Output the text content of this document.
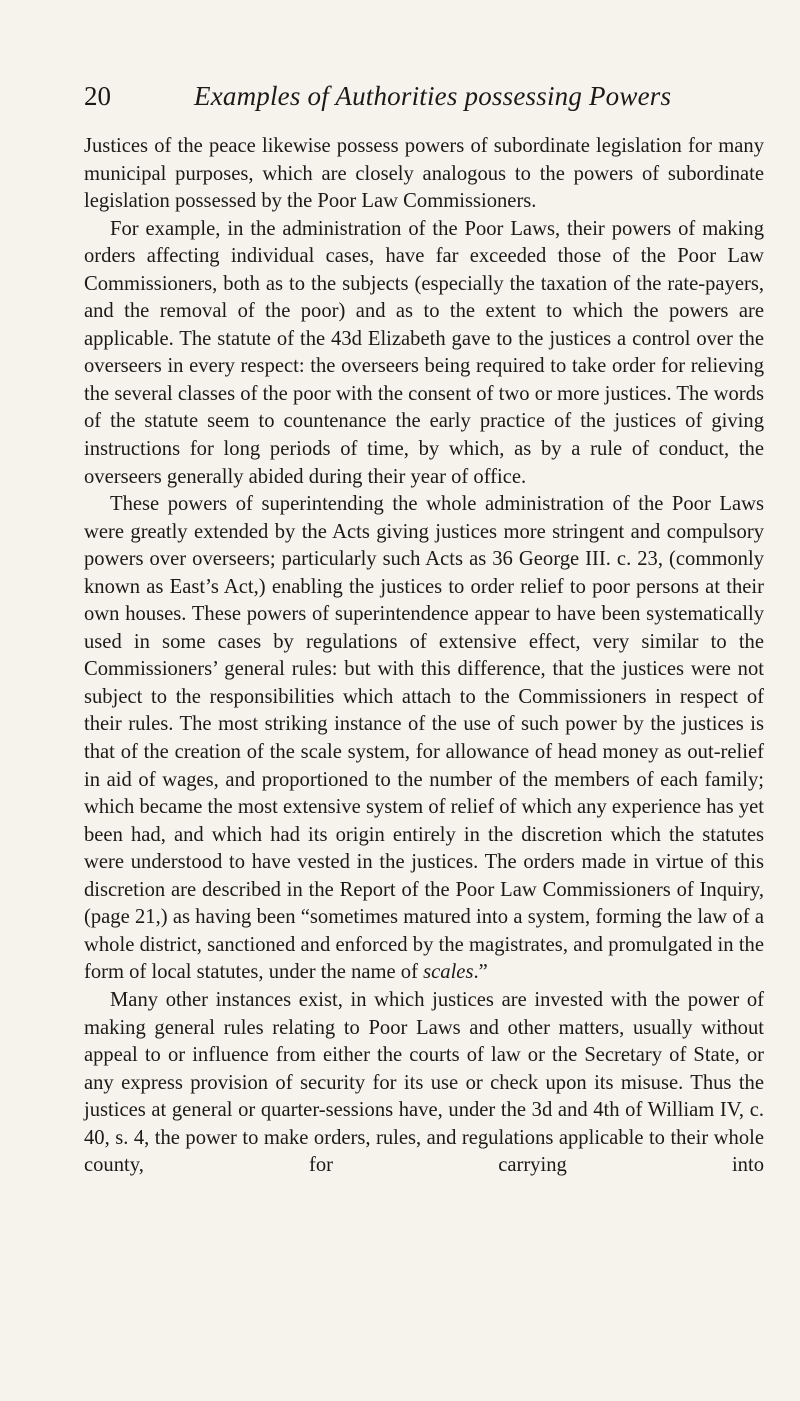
20	Examples of Authorities possessing Powers

Justices of the peace likewise possess powers of subordinate legislation for many municipal purposes, which are closely analogous to the powers of subordinate legislation possessed by the Poor Law Commissioners.

For example, in the administration of the Poor Laws, their powers of making orders affecting individual cases, have far exceeded those of the Poor Law Commissioners, both as to the subjects (especially the taxation of the rate-payers, and the removal of the poor) and as to the extent to which the powers are applicable. The statute of the 43d Elizabeth gave to the justices a control over the overseers in every respect: the overseers being required to take order for relieving the several classes of the poor with the consent of two or more justices. The words of the statute seem to countenance the early practice of the justices of giving instructions for long periods of time, by which, as by a rule of conduct, the overseers generally abided during their year of office.

These powers of superintending the whole administration of the Poor Laws were greatly extended by the Acts giving justices more stringent and compulsory powers over overseers; particularly such Acts as 36 George III. c. 23, (commonly known as East’s Act,) enabling the justices to order relief to poor persons at their own houses. These powers of superintendence appear to have been systematically used in some cases by regulations of extensive effect, very similar to the Commissioners’ general rules: but with this difference, that the justices were not subject to the responsibilities which attach to the Commissioners in respect of their rules. The most striking instance of the use of such power by the justices is that of the creation of the scale system, for allowance of head money as out-relief in aid of wages, and proportioned to the number of the members of each family; which became the most extensive system of relief of which any experience has yet been had, and which had its origin entirely in the discretion which the statutes were understood to have vested in the justices. The orders made in virtue of this discretion are described in the Report of the Poor Law Commissioners of Inquiry, (page 21,) as having been “sometimes matured into a system, forming the law of a whole district, sanctioned and enforced by the magistrates, and promulgated in the form of local statutes, under the name of scales.”

Many other instances exist, in which justices are invested with the power of making general rules relating to Poor Laws and other matters, usually without appeal to or influence from either the courts of law or the Secretary of State, or any express provision of security for its use or check upon its misuse. Thus the justices at general or quarter-sessions have, under the 3d and 4th of William IV, c. 40, s. 4, the power to make orders, rules, and regulations applicable to their whole county, for carrying into
